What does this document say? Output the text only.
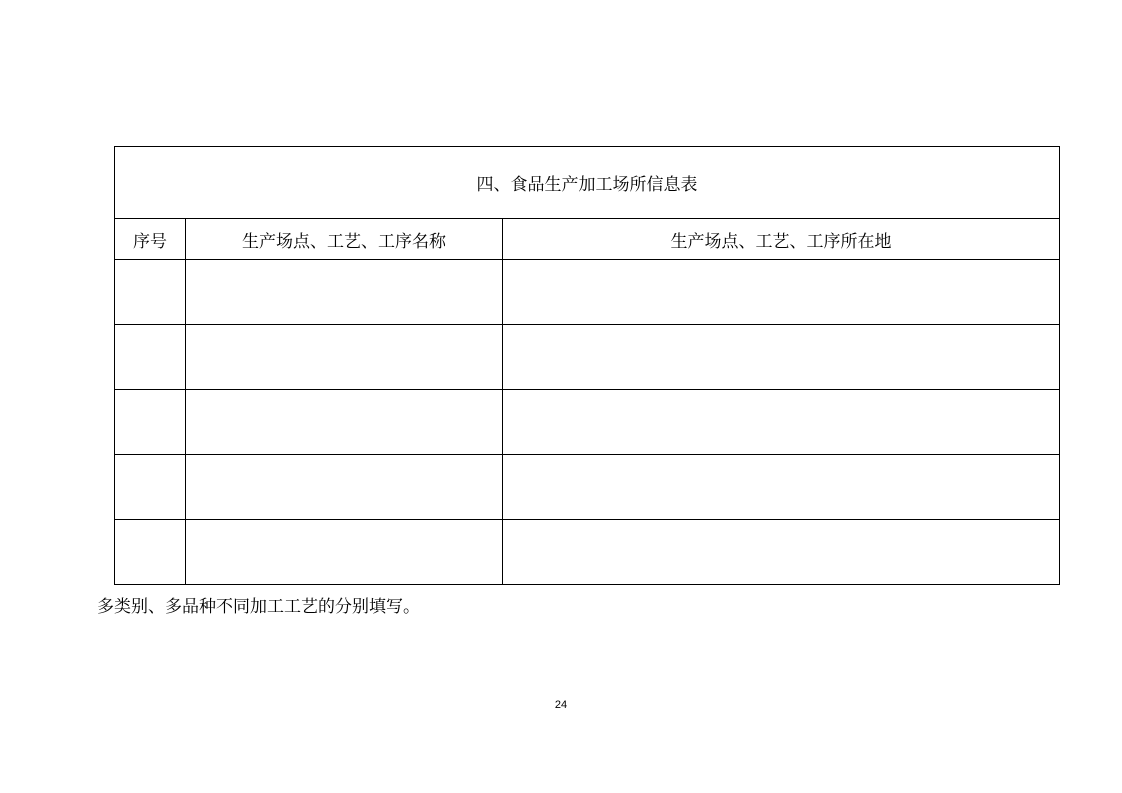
四、食品生产加工场所信息表		
序号	生产场点、工艺、工序名称	生产场点、工艺、工序所在地

多类别、多品种不同加工工艺的分别填写。
24
